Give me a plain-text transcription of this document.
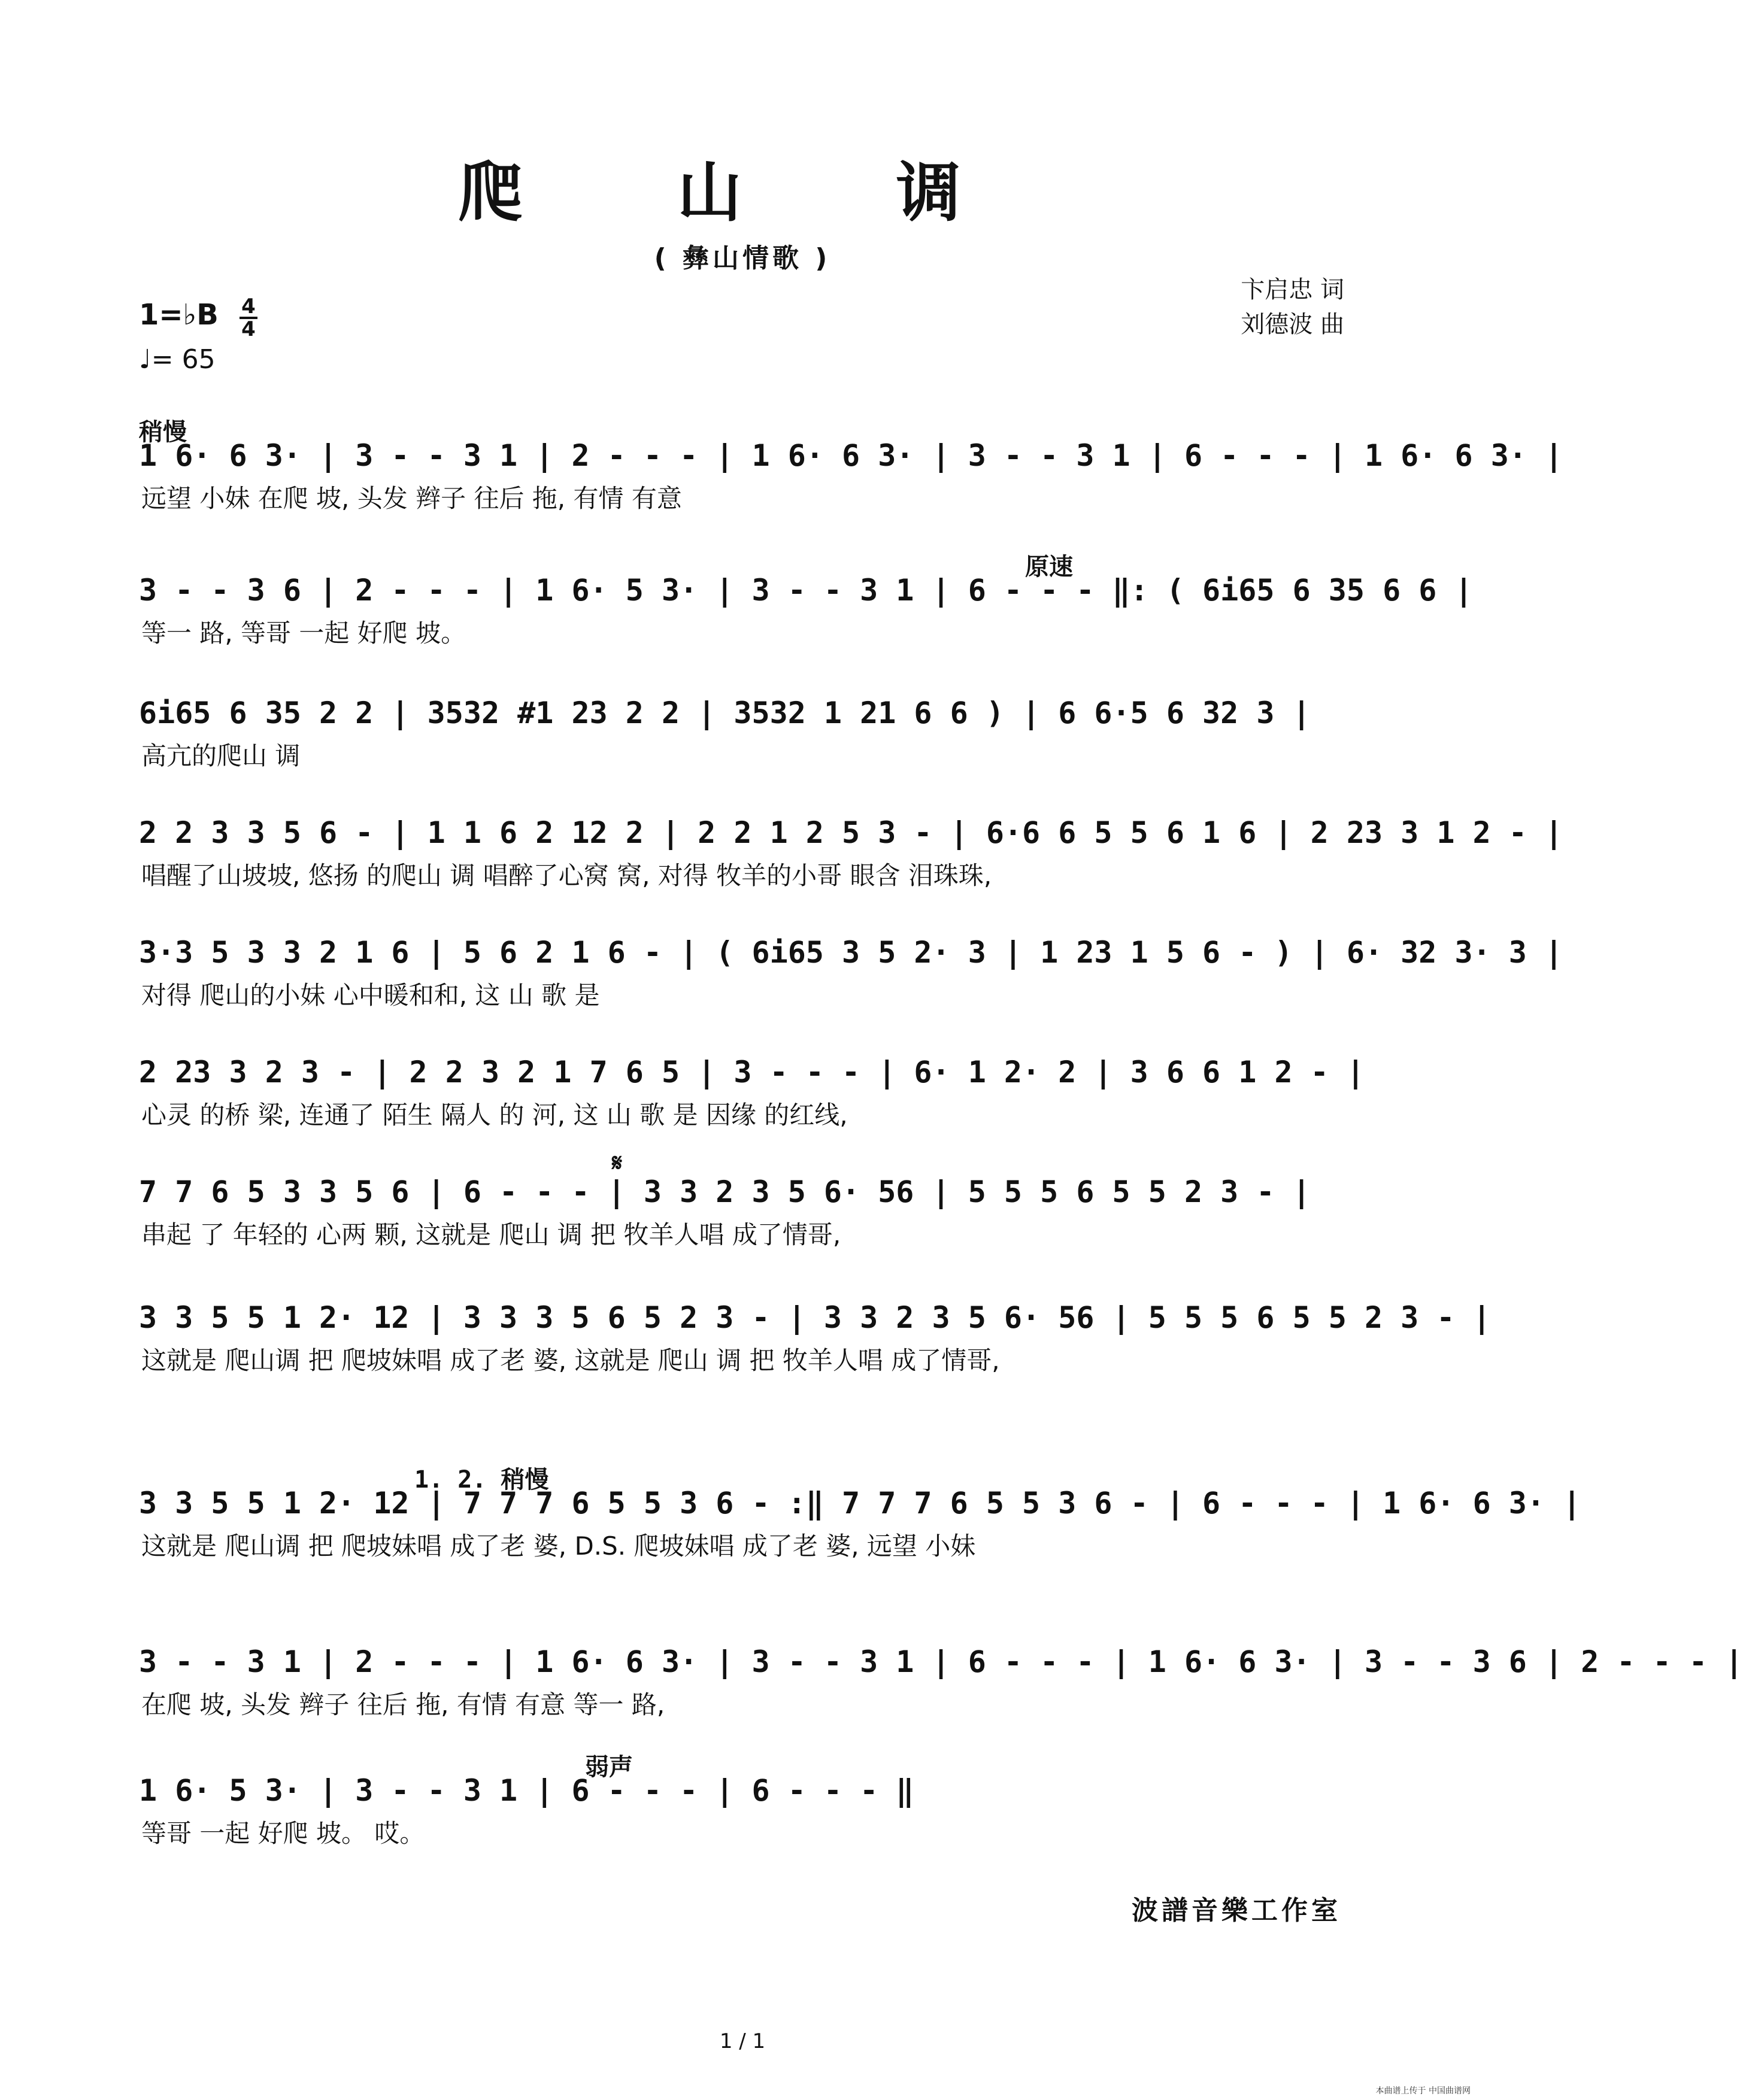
爬 山 调
( 彝山情歌 )
卞启忠 词
刘德波 曲
1=♭B 4
4
♩= 65
稍慢
1 6· 6 3· | 3 - - 3 1 | 2 - - - | 1 6· 6 3· | 3 - - 3 1 | 6 - - - | 1 6· 6 3· |
远望 小妹 在爬 坡, 头发 辫子 往后 拖, 有情 有意
原速
3 - - 3 6 | 2 - - - | 1 6· 5 3· | 3 - - 3 1 | 6 - - - ‖: ( 6i65 6 35 6 6 |
等一 路, 等哥 一起 好爬 坡。
6i65 6 35 2 2 | 3532 #1 23 2 2 | 3532 1 21 6 6 ) | 6 6·5 6 32 3 |
高亢的爬山 调
2 2 3 3 5 6 - | 1 1 6 2 12 2 | 2 2 1 2 5 3 - | 6·6 6 5 5 6 1 6 | 2 23 3 1 2 - |
唱醒了山坡坡, 悠扬 的爬山 调 唱醉了心窝 窝, 对得 牧羊的小哥 眼含 泪珠珠,
3·3 5 3 3 2 1 6 | 5 6 2 1 6 - | ( 6i65 3 5 2· 3 | 1 23 1 5 6 - ) | 6· 32 3· 3 |
对得 爬山的小妹 心中暖和和, 这 山 歌 是
2 23 3 2 3 - | 2 2 3 2 1 7 6 5 | 3 - - - | 6· 1 2· 2 | 3 6 6 1 2 - |
心灵 的桥 梁, 连通了 陌生 隔人 的 河, 这 山 歌 是 因缘 的红线,
𝄋
7 7 6 5 3 3 5 6 | 6 - - - | 3 3 2 3 5 6· 56 | 5 5 5 6 5 5 2 3 - |
串起 了 年轻的 心两 颗, 这就是 爬山 调 把 牧羊人唱 成了情哥,
3 3 5 5 1 2· 12 | 3 3 3 5 6 5 2 3 - | 3 3 2 3 5 6· 56 | 5 5 5 6 5 5 2 3 - |
这就是 爬山调 把 爬坡妹唱 成了老 婆, 这就是 爬山 调 把 牧羊人唱 成了情哥,
1. 2. 稍慢
3 3 5 5 1 2· 12 | 7 7 7 6 5 5 3 6 - :‖ 7 7 7 6 5 5 3 6 - | 6 - - - | 1 6· 6 3· |
这就是 爬山调 把 爬坡妹唱 成了老 婆, D.S. 爬坡妹唱 成了老 婆, 远望 小妹
3 - - 3 1 | 2 - - - | 1 6· 6 3· | 3 - - 3 1 | 6 - - - | 1 6· 6 3· | 3 - - 3 6 | 2 - - - |
在爬 坡, 头发 辫子 往后 拖, 有情 有意 等一 路,
弱声
1 6· 5 3· | 3 - - 3 1 | 6 - - - | 6 - - - ‖
等哥 一起 好爬 坡。 哎。
波譜音樂工作室
1 / 1
本曲谱上传于 中国曲谱网
